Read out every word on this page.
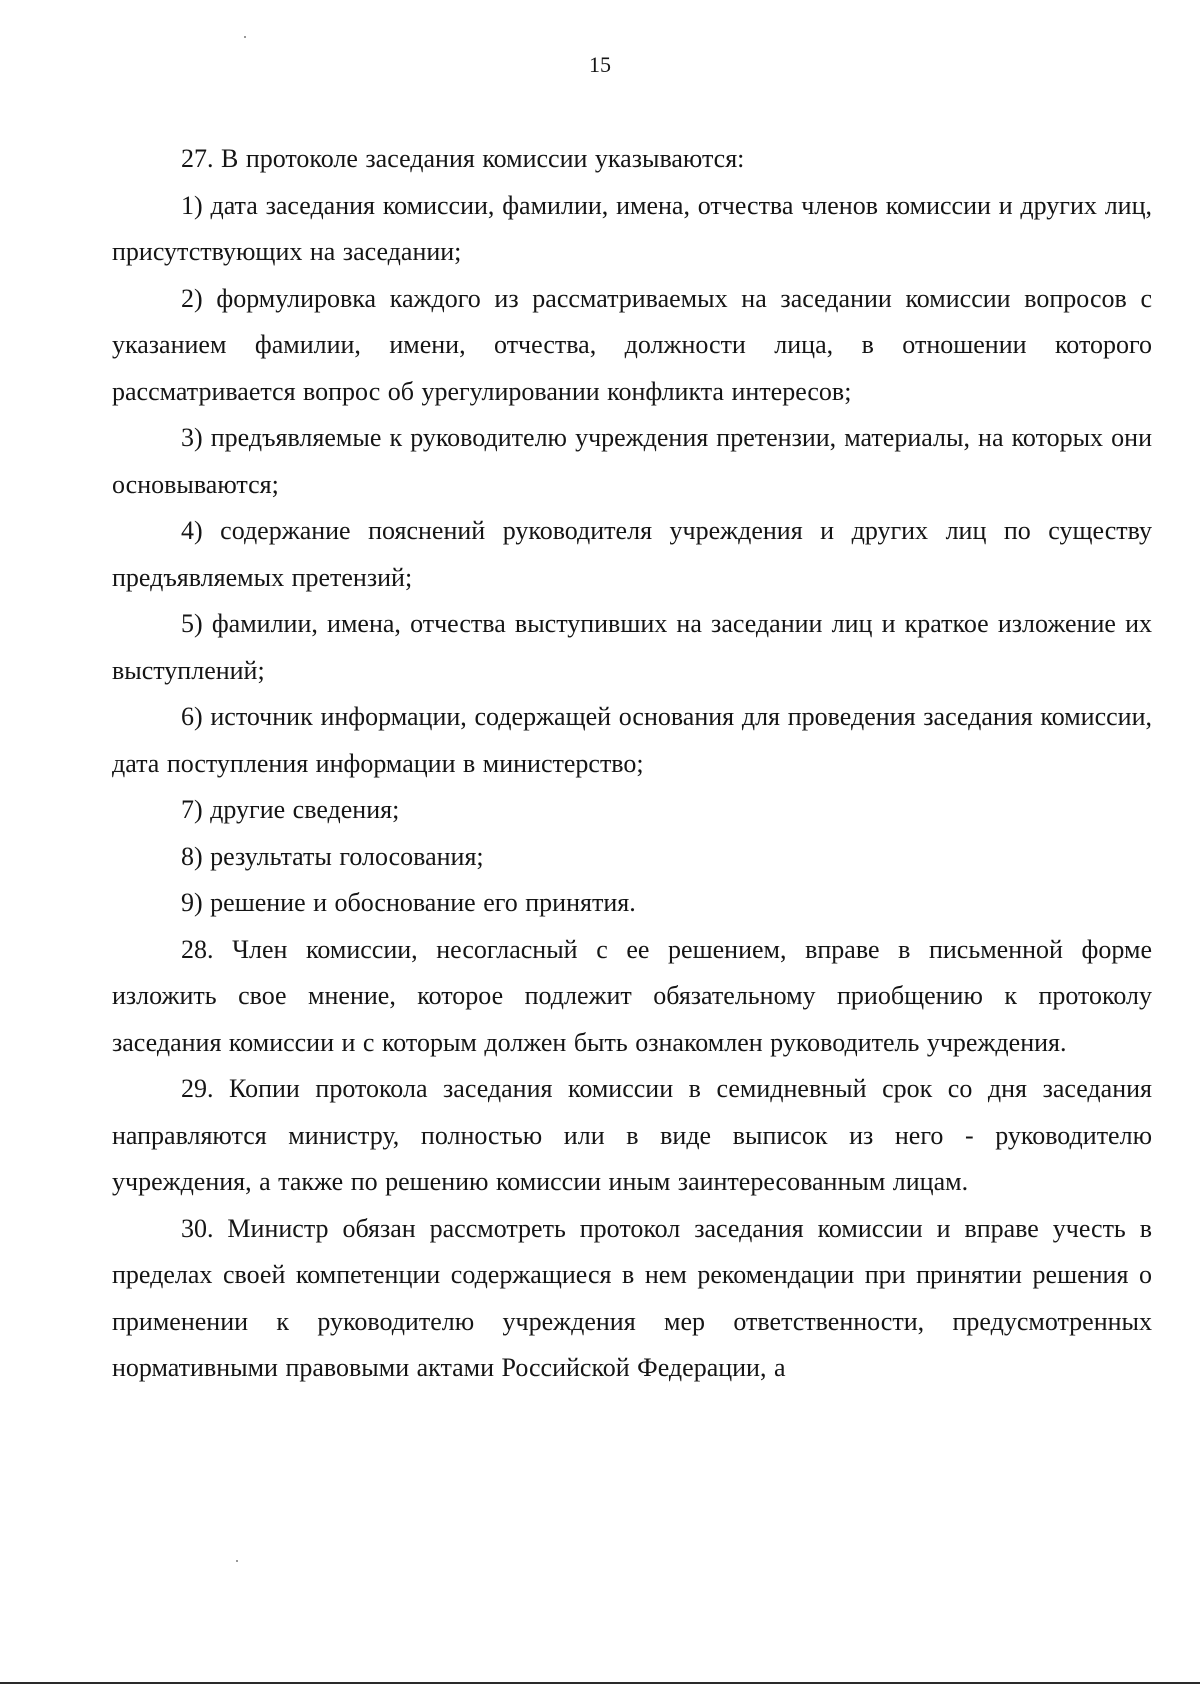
15

27. В протоколе заседания комиссии указываются:

1) дата заседания комиссии, фамилии, имена, отчества членов комиссии и других лиц, присутствующих на заседании;

2) формулировка каждого из рассматриваемых на заседании комиссии вопросов с указанием фамилии, имени, отчества, должности лица, в отношении которого рассматривается вопрос об урегулировании конфликта интересов;

3) предъявляемые к руководителю учреждения претензии, материалы, на которых они основываются;

4) содержание пояснений руководителя учреждения и других лиц по существу предъявляемых претензий;

5) фамилии, имена, отчества выступивших на заседании лиц и краткое изложение их выступлений;

6) источник информации, содержащей основания для проведения заседания комиссии, дата поступления информации в министерство;

7) другие сведения;

8) результаты голосования;

9) решение и обоснование его принятия.

28. Член комиссии, несогласный с ее решением, вправе в письменной форме изложить свое мнение, которое подлежит обязательному приобщению к протоколу заседания комиссии и с которым должен быть ознакомлен руководитель учреждения.

29. Копии протокола заседания комиссии в семидневный срок со дня заседания направляются министру, полностью или в виде выписок из него - руководителю учреждения, а также по решению комиссии иным заинтересованным лицам.

30. Министр обязан рассмотреть протокол заседания комиссии и вправе учесть в пределах своей компетенции содержащиеся в нем рекомендации при принятии решения о применении к руководителю учреждения мер ответственности, предусмотренных нормативными правовыми актами Российской Федерации, а
